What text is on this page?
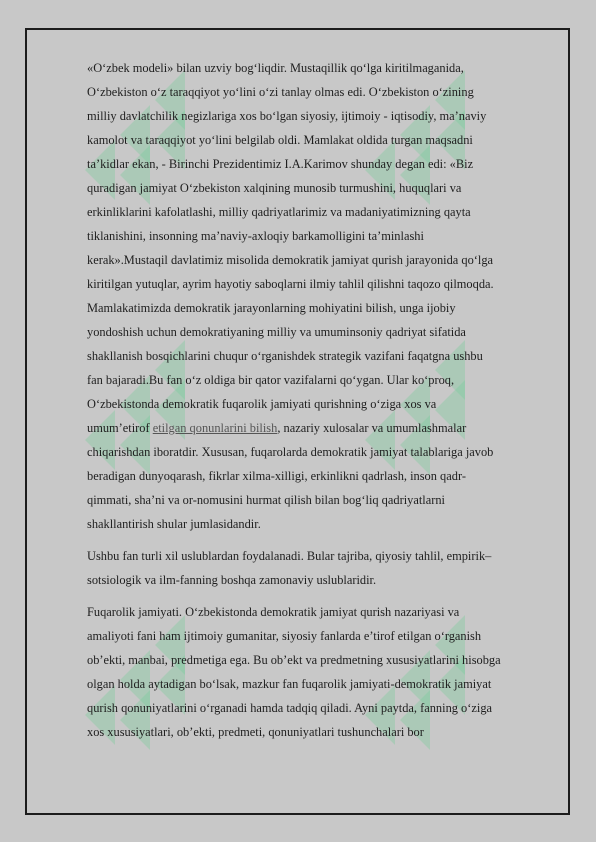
«O‘zbek modeli» bilan uzviy bog‘liqdir. Mustaqillik qo‘lga kiritilmaganida,
O‘zbekiston o‘z taraqqiyot yo‘lini o‘zi tanlay olmas edi. O‘zbekiston o‘zining
milliy davlatchilik negizlariga xos bo‘lgan siyosiy, ijtimoiy - iqtisodiy, ma’naviy
kamolot va taraqqiyot yo‘lini belgilab oldi. Mamlakat oldida turgan maqsadni
ta’kidlar ekan, - Birinchi Prezidentimiz I.A.Karimov shunday degan edi: «Biz
quradigan jamiyat O‘zbekiston xalqining munosib turmushini, huquqlari va
erkinliklarini kafolatlashi, milliy qadriyatlarimiz va madaniyatimizning qayta
tiklanishini, insonning ma’naviy-axloqiy barkamolligini ta’minlashi
kerak».Mustaqil davlatimiz misolida demokratik jamiyat qurish jarayonida qo‘lga
kiritilgan yutuqlar, ayrim hayotiy saboqlarni ilmiy tahlil qilishni taqozo qilmoqda.
Mamlakatimizda demokratik jarayonlarning mohiyatini bilish, unga ijobiy
yondoshish uchun demokratiyaning milliy va umuminsoniy qadriyat sifatida
shakllanish bosqichlarini chuqur o‘rganishdek strategik vazifani faqatgna ushbu
fan bajaradi.Bu fan o‘z oldiga bir qator vazifalarni qo‘ygan. Ular ko‘proq,
O‘zbekistonda demokratik fuqarolik jamiyati qurishning o‘ziga xos va
umum’etirof etilgan qonunlarini bilish, nazariy xulosalar va umumlashmalar
chiqarishdan iboratdir. Xususan, fuqarolarda demokratik jamiyat talablariga javob
beradigan dunyoqarash, fikrlar xilma-xilligi, erkinlikni qadrlash, inson qadr-
qimmati, sha’ni va or-nomusini hurmat qilish bilan bog‘liq qadriyatlarni
shakllantirish shular jumlasidandir.

Ushbu fan turli xil uslublardan foydalanadi. Bular tajriba, qiyosiy tahlil, empirik–
sotsiologik va ilm-fanning boshqa zamonaviy uslublaridir.

Fuqarolik jamiyati. O‘zbekistonda demokratik jamiyat qurish nazariyasi va
amaliyoti fani ham ijtimoiy gumanitar, siyosiy fanlarda e’tirof etilgan o‘rganish
ob’ekti, manbai, predmetiga ega. Bu ob’ekt va predmetning xususiyatlarini hisobga
olgan holda aytadigan bo‘lsak, mazkur fan fuqarolik jamiyati-demokratik jamiyat
qurish qonuniyatlarini o‘rganadi hamda tadqiq qiladi. Ayni paytda, fanning o‘ziga
xos xususiyatlari, ob’ekti, predmeti, qonuniyatlari tushunchalari bor
